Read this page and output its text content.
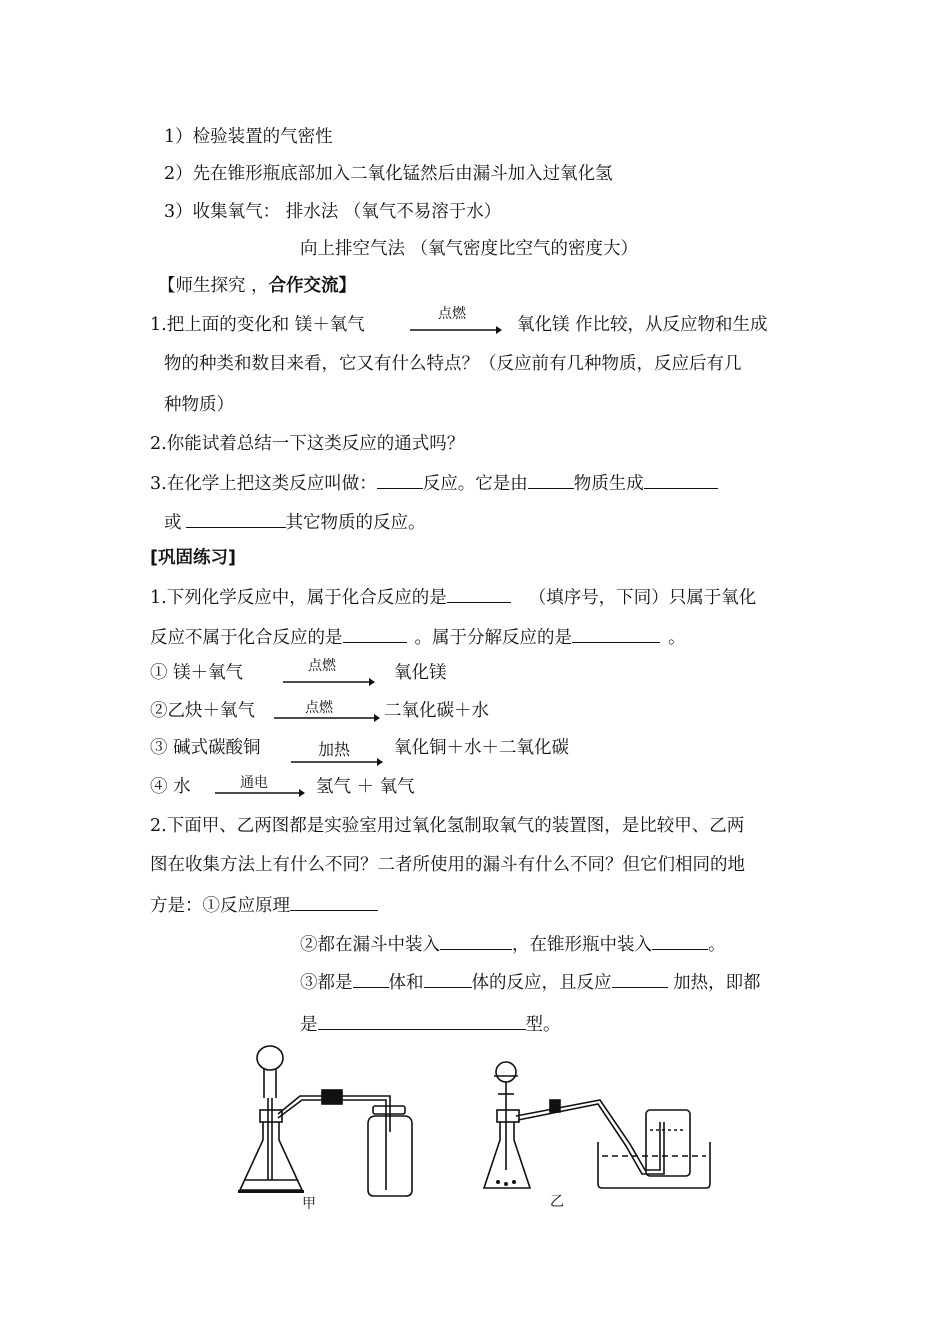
1）检验装置的气密性
2）先在锥形瓶底部加入二氧化锰然后由漏斗加入过氧化氢
3）收集氧气： 排水法 （氧气不易溶于水）
向上排空气法 （氧气密度比空气的密度大）
【师生探究 ，合作交流】
1.把上面的变化和 镁＋氧气
点燃
氧化镁 作比较，从反应物和生成
物的种类和数目来看，它又有什么特点？（反应前有几种物质，反应后有几
种物质）
2.你能试着总结一下这类反应的通式吗？
3.在化学上把这类反应叫做：	反应。它是由	物质生成
或	其它物质的反应。
[巩固练习]
1.下列化学反应中，属于化合反应的是	（填序号，下同）只属于氧化
反应不属于化合反应的是	。属于分解反应的是	。
① 镁＋氧气	点燃	氧化镁
②乙炔＋氧气	点燃	二氧化碳＋水
③ 碱式碳酸铜	加热	氧化铜＋水＋二氧化碳
④ 水	通电	氢气 ＋ 氧气
2.下面甲、乙两图都是实验室用过氧化氢制取氧气的装置图，是比较甲、乙两
图在收集方法上有什么不同？二者所使用的漏斗有什么不同？但它们相同的地
方是：①反应原理
②都在漏斗中装入	，在锥形瓶中装入	。
③都是 体和	体的反应，且反应	加热，即都
是	型。
甲	乙
